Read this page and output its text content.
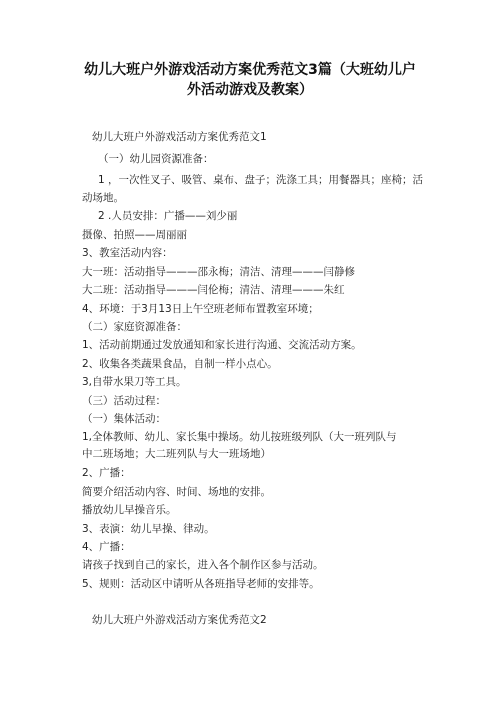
幼儿大班户外游戏活动方案优秀范文3篇（大班幼儿户
外活动游戏及教案）
幼儿大班户外游戏活动方案优秀范文1
（一）幼儿园资源准备：
1 ，一次性叉子、吸管、桌布、盘子；洗涤工具；用餐器具；座椅；活
动场地。
2 .人员安排：广播——刘少丽
摄像、拍照——周丽丽
3、教室活动内容：
大一班：活动指导———邵永梅；清洁、清理———闫静修
大二班：活动指导———闫伦梅；清洁、清理———朱红
4、环境：于3月13日上午空班老师布置教室环境；
（二）家庭资源准备：
1、活动前期通过发放通知和家长进行沟通、交流活动方案。
2、收集各类蔬果食品，自制一样小点心。
3,自带水果刀等工具。
（三）活动过程：
（一）集体活动：
1,全体教师、幼儿、家长集中操场。幼儿按班级列队（大一班列队与
中二班场地；大二班列队与大一班场地）
2、广播：
简要介绍活动内容、时间、场地的安排。
播放幼儿早操音乐。
3、表演：幼儿早操、律动。
4、广播：
请孩子找到自己的家长，进入各个制作区参与活动。
5、规则：活动区中请听从各班指导老师的安排等。
幼儿大班户外游戏活动方案优秀范文2
